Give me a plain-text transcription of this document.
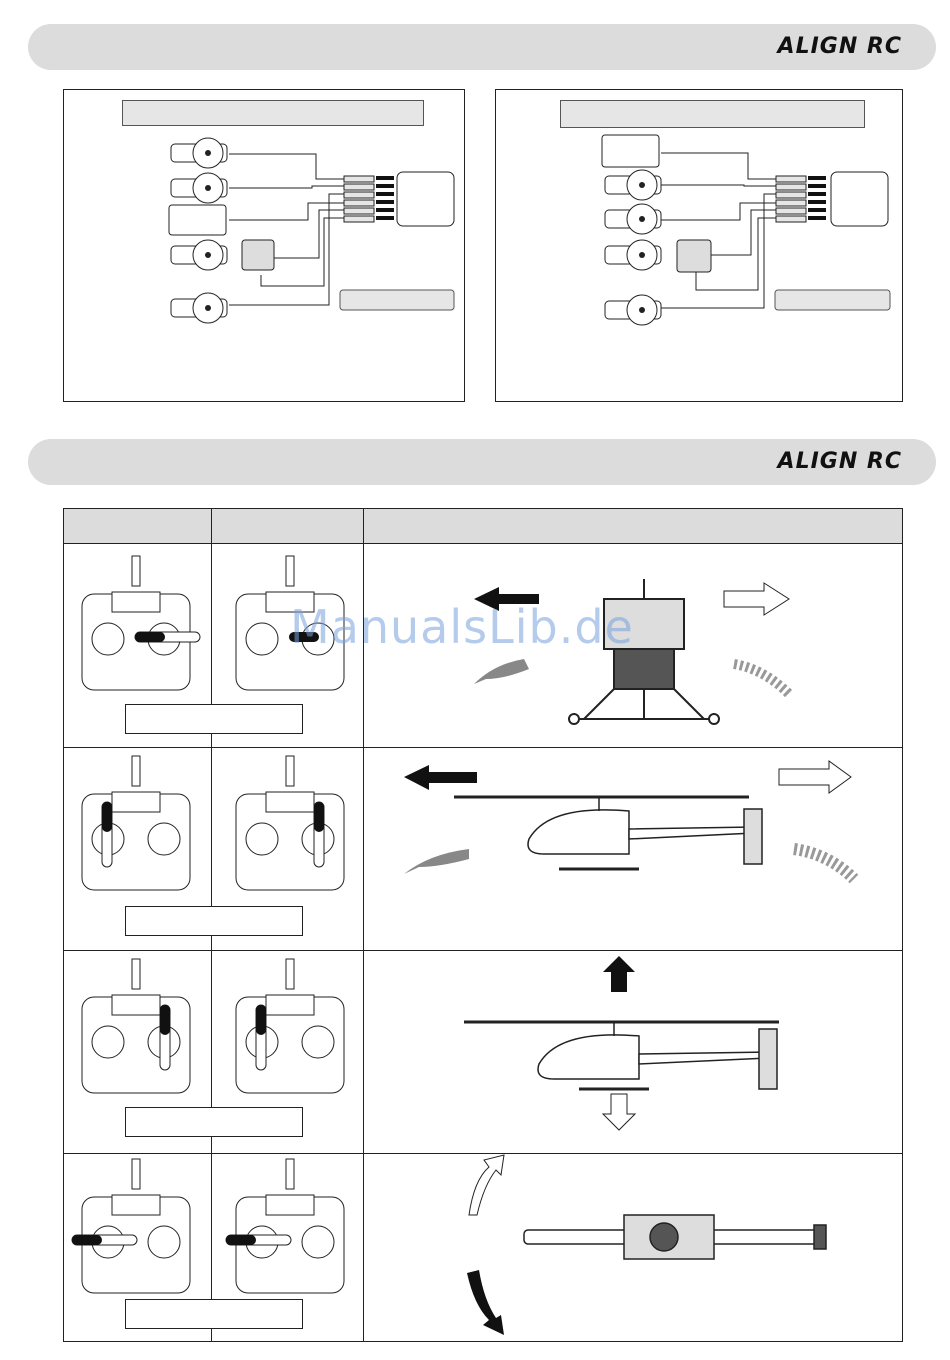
ALIGN RC
ALIGN RC
ManualsLib.de
